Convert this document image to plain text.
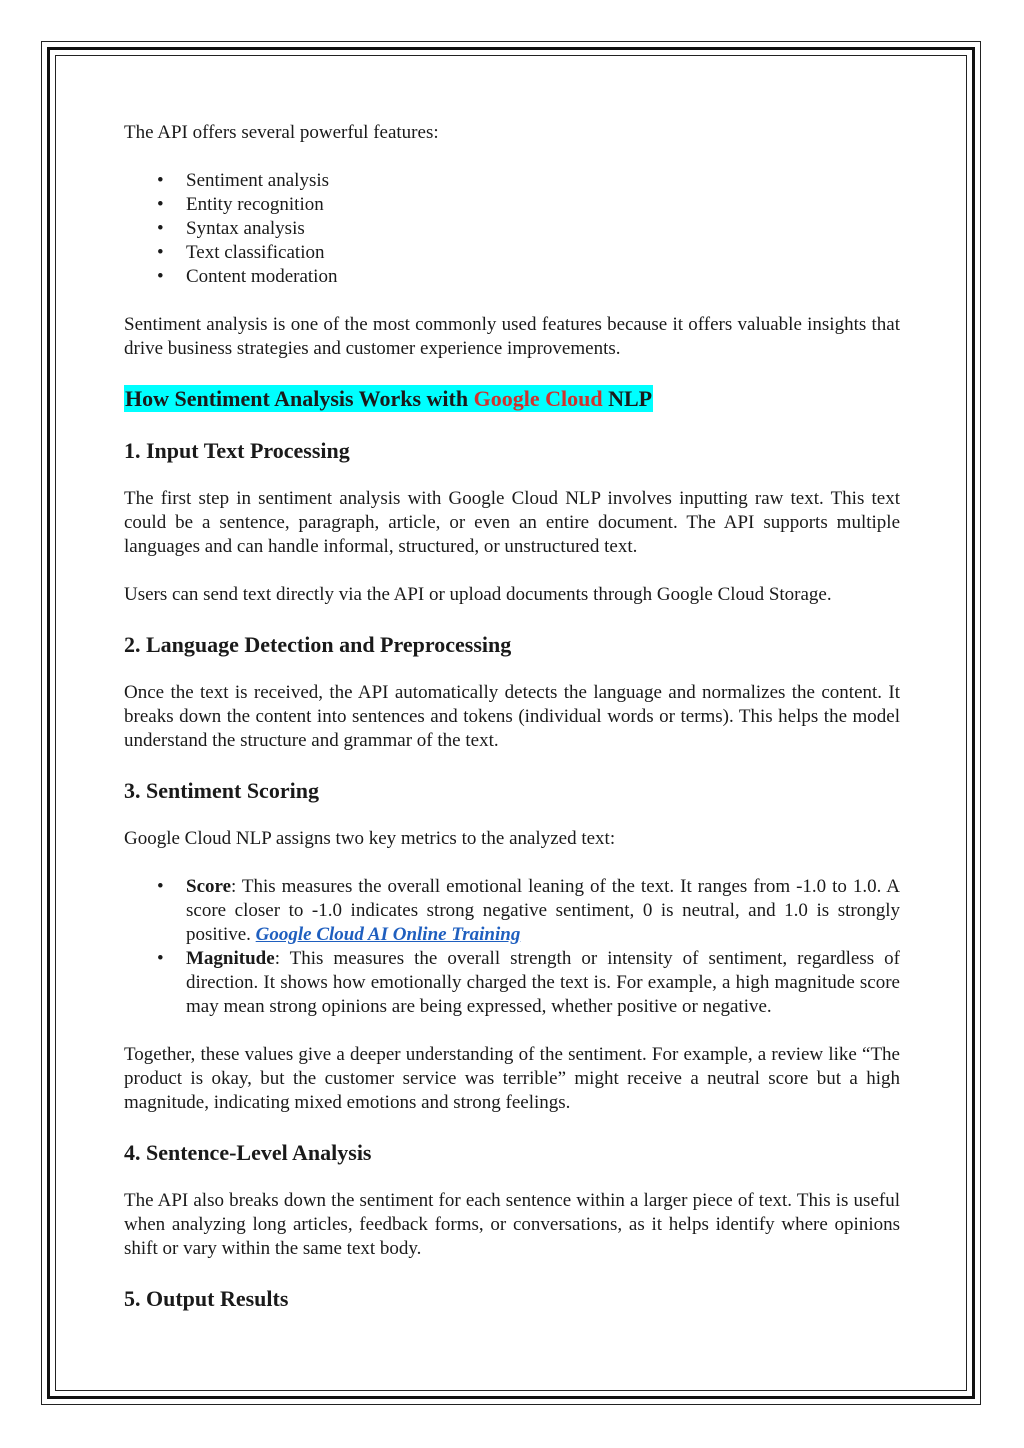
The API offers several powerful features:

• Sentiment analysis
• Entity recognition
• Syntax analysis
• Text classification
• Content moderation

Sentiment analysis is one of the most commonly used features because it offers valuable insights that drive business strategies and customer experience improvements.

How Sentiment Analysis Works with Google Cloud NLP
1. Input Text Processing

The first step in sentiment analysis with Google Cloud NLP involves inputting raw text. This text could be a sentence, paragraph, article, or even an entire document. The API supports multiple languages and can handle informal, structured, or unstructured text.

Users can send text directly via the API or upload documents through Google Cloud Storage.

2. Language Detection and Preprocessing

Once the text is received, the API automatically detects the language and normalizes the content. It breaks down the content into sentences and tokens (individual words or terms). This helps the model understand the structure and grammar of the text.

3. Sentiment Scoring

Google Cloud NLP assigns two key metrics to the analyzed text:

• Score: This measures the overall emotional leaning of the text. It ranges from -1.0 to 1.0. A score closer to -1.0 indicates strong negative sentiment, 0 is neutral, and 1.0 is strongly positive. Google Cloud AI Online Training
• Magnitude: This measures the overall strength or intensity of sentiment, regardless of direction. It shows how emotionally charged the text is. For example, a high magnitude score may mean strong opinions are being expressed, whether positive or negative.

Together, these values give a deeper understanding of the sentiment. For example, a review like “The product is okay, but the customer service was terrible” might receive a neutral score but a high magnitude, indicating mixed emotions and strong feelings.

4. Sentence-Level Analysis

The API also breaks down the sentiment for each sentence within a larger piece of text. This is useful when analyzing long articles, feedback forms, or conversations, as it helps identify where opinions shift or vary within the same text body.

5. Output Results
